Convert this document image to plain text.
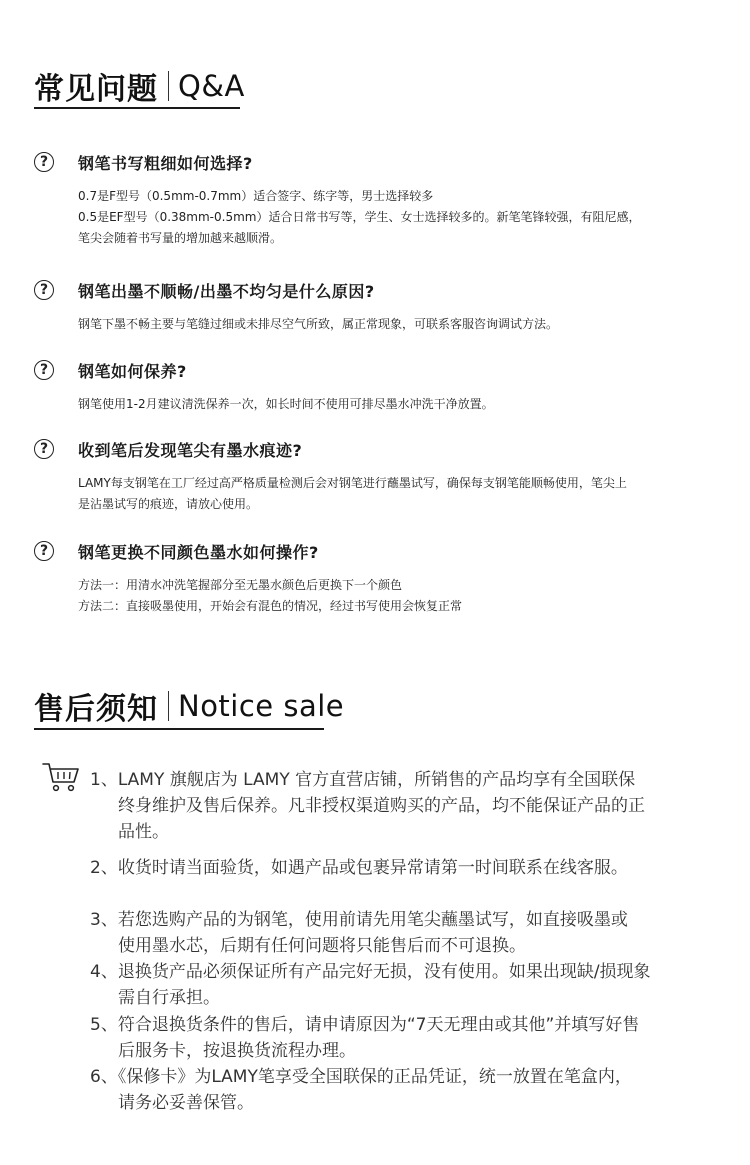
常见问题 Q&A
?	钢笔书写粗细如何选择?
0.7是F型号（0.5mm-0.7mm）适合签字、练字等，男士选择较多
0.5是EF型号（0.38mm-0.5mm）适合日常书写等，学生、女士选择较多的。新笔笔锋较强，有阻尼感，
笔尖会随着书写量的增加越来越顺滑。
?	钢笔出墨不顺畅/出墨不均匀是什么原因?
钢笔下墨不畅主要与笔缝过细或未排尽空气所致，属正常现象，可联系客服咨询调试方法。
?	钢笔如何保养?
钢笔使用1-2月建议清洗保养一次，如长时间不使用可排尽墨水冲洗干净放置。
?	收到笔后发现笔尖有墨水痕迹?
LAMY每支钢笔在工厂经过高严格质量检测后会对钢笔进行蘸墨试写，确保每支钢笔能顺畅使用，笔尖上
是沾墨试写的痕迹，请放心使用。
?	钢笔更换不同颜色墨水如何操作?
方法一：用清水冲洗笔握部分至无墨水颜色后更换下一个颜色
方法二：直接吸墨使用，开始会有混色的情况，经过书写使用会恢复正常
售后须知 Notice sale
1、LAMY 旗舰店为 LAMY 官方直营店铺，所销售的产品均享有全国联保
终身维护及售后保养。凡非授权渠道购买的产品，均不能保证产品的正
品性。
2、收货时请当面验货，如遇产品或包裹异常请第一时间联系在线客服。
3、若您选购产品的为钢笔，使用前请先用笔尖蘸墨试写，如直接吸墨或
使用墨水芯，后期有任何问题将只能售后而不可退换。
4、退换货产品必须保证所有产品完好无损，没有使用。如果出现缺/损现象
需自行承担。
5、符合退换货条件的售后，请申请原因为“7天无理由或其他”并填写好售
后服务卡，按退换货流程办理。
6、《保修卡》为LAMY笔享受全国联保的正品凭证，统一放置在笔盒内，
请务必妥善保管。
